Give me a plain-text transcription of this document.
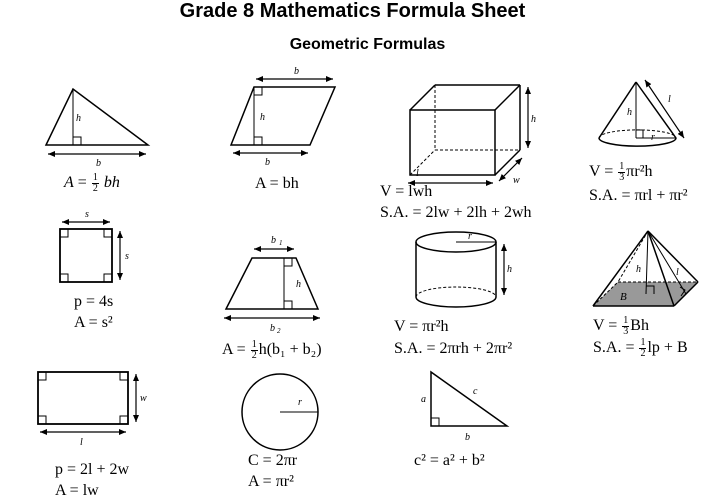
Grade 8 Mathematics Formula Sheet
Geometric Formulas
h
b
b
h
b
h
l
w
h
r
l
s
s
b 1
h
b 2
r
h	h	l
B
w
l
r	a
c
b
$A = \frac{1}{2}$ bh	A = bh	V = lwh
S.A. = 2lw + 2lh + 2wh
$V = \frac{1}{3} \pi r^2h$
S.A. = πrl + πr²
p = 4s
A = s²
$A = \frac{1}{2} h(b_1 + b_2)$
V = πr²h
S.A. = 2πrh + 2πr²
$V = \frac{1}{3}$ Bh
S.A. = $\frac{1}{2}$ lp + B
p = 2l + 2w
A = lw
C = 2πr
A = πr²
c² = a² + b²
